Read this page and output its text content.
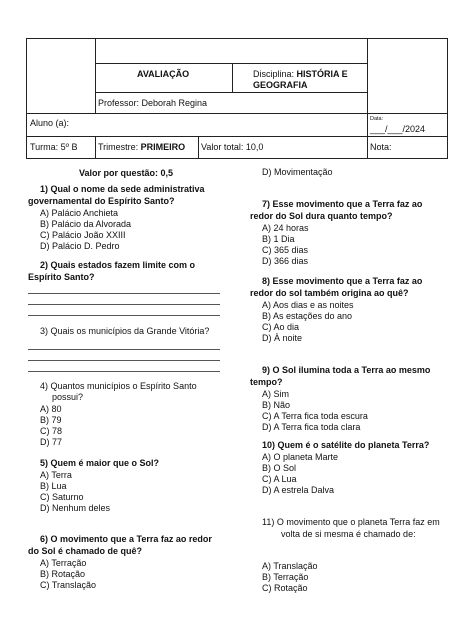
AVALIAÇÃO	Disciplina: HISTÓRIA E GEOGRAFIA
Professor: Deborah Regina
Aluno (a):	Data:
___/___/2024
Turma: 5º B Trimestre: PRIMEIRO Valor total: 10,0	Nota:
Valor por questão: 0,5
1) Qual o nome da sede administrativa
governamental do Espírito Santo?
A) Palácio Anchieta
B) Palácio da Alvorada
C) Palácio João XXIII
D) Palácio D. Pedro
2) Quais estados fazem limite com o
Espírito Santo?
3) Quais os municípios da Grande Vitória?
4) Quantos municípios o Espírito Santo
possui?
A) 80
B) 79
C) 78
D) 77
5) Quem é maior que o Sol?
A) Terra
B) Lua
C) Saturno
D) Nenhum deles
6) O movimento que a Terra faz ao redor
do Sol é chamado de quê?
A) Terração
B) Rotação
C) Translação
D) Movimentação
7) Esse movimento que a Terra faz ao
redor do Sol dura quanto tempo?
A) 24 horas
B) 1 Dia
C) 365 dias
D) 366 dias
8) Esse movimento que a Terra faz ao
redor do sol também origina ao quê?
A) Aos dias e as noites
B) As estações do ano
C) Ao dia
D) À noite
9) O Sol ilumina toda a Terra ao mesmo
tempo?
A) Sim
B) Não
C) A Terra fica toda escura
D) A Terra fica toda clara
10) Quem é o satélite do planeta Terra?
A) O planeta Marte
B) O Sol
C) A Lua
D) A estrela Dalva
11) O movimento que o planeta Terra faz em
volta de si mesma é chamado de:
A) Translação
B) Terração
C) Rotação
